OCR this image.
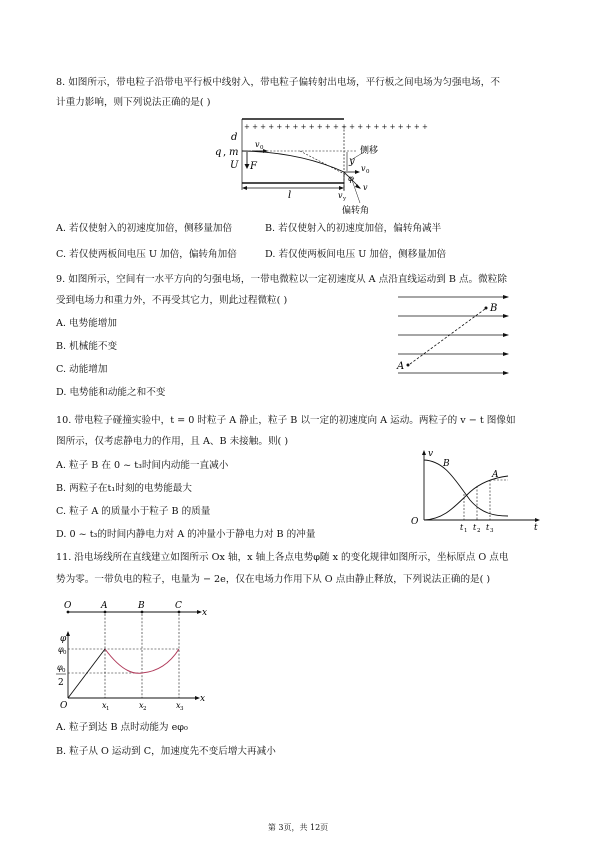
8. 如图所示，带电粒子沿带电平行板中线射入，带电粒子偏转射出电场，平行板之间电场为匀强电场，不
计重力影响，则下列说法正确的是( )
+ + + + + + + + + + + + + + + + + + + + + + +
d
q , m
U F
v 0
l
y
v 0
φ
v
v y
侧移
偏转角
A. 若仅使射入的初速度加倍，侧移量加倍	B. 若仅使射入的初速度加倍，偏转角减半
C. 若仅使两板间电压 U 加倍，偏转角加倍	D. 若仅使两板间电压 U 加倍，侧移量加倍
9. 如图所示，空间有一水平方向的匀强电场，一带电微粒以一定初速度从 A 点沿直线运动到 B 点。微粒除
受到电场力和重力外，不再受其它力，则此过程微粒( )
A
B
A. 电势能增加
B. 机械能不变
C. 动能增加
D. 电势能和动能之和不变
10. 带电粒子碰撞实验中，t = 0 时粒子 A 静止，粒子 B 以一定的初速度向 A 运动。两粒子的 v − t 图像如
图所示，仅考虑静电力的作用，且 A、B 未接触。则( )
v
t
O
B
A
t 1 t 2 t 3
A. 粒子 B 在 0 ~ t₃时间内动能一直减小
B. 两粒子在t₁时刻的电势能最大
C. 粒子 A 的质量小于粒子 B 的质量
D. 0 ~ t₃的时间内静电力对 A 的冲量小于静电力对 B 的冲量
11. 沿电场线所在直线建立如图所示 Ox 轴，x 轴上各点电势φ随 x 的变化规律如图所示，坐标原点 O 点电
势为零。一带负电的粒子，电量为 − 2e，仅在电场力作用下从 O 点由静止释放，下列说法正确的是( )
O	A	B	C
x
φ
φ 0
φ 0
2
O
x
x 1	x 2	x 3
A. 粒子到达 B 点时动能为 eφ₀
B. 粒子从 O 运动到 C，加速度先不变后增大再减小
第 3页，共 12页
